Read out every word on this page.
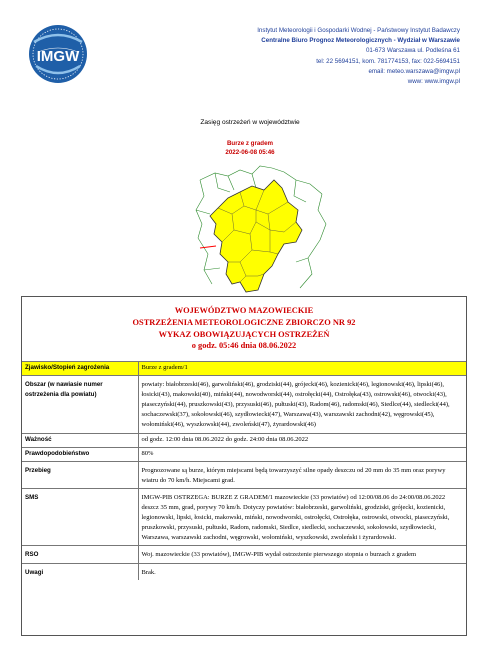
IMGW
Instytut Meteorologii i Gospodarki Wodnej - Państwowy Instytut Badawczy
Centralne Biuro Prognoz Meteorologicznych - Wydział w Warszawie
01-673 Warszawa ul. Podleśna 61
tel: 22 5694151, kom. 781774153, fax: 022-5694151
email: meteo.warszawa@imgw.pl
www: www.imgw.pl
Zasięg ostrzeżeń w województwie
Burze z gradem
2022-06-08 05:46
WOJEWÓDZTWO MAZOWIECKIE
OSTRZEŻENIA METEOROLOGICZNE ZBIORCZO NR 92
WYKAZ OBOWIĄZUJĄCYCH OSTRZEŻEŃ
o godz. 05:46 dnia 08.06.2022
Zjawisko/Stopień zagrożenia	Burze z gradem/1
Obszar (w nawiasie numer ostrzeżenia dla powiatu)	powiaty: białobrzeski(46), garwoliński(46), grodziski(44), grójecki(46), kozienicki(46), legionowski(46), lipski(46), łosicki(43), makowski(40), miński(44), nowodworski(44), ostrołęcki(44), Ostrołęka(43), ostrowski(46), otwocki(43), piaseczyński(44), pruszkowski(43), przysuski(46), pułtuski(43), Radom(46), radomski(46), Siedlce(44), siedlecki(44), sochaczewski(37), sokołowski(46), szydłowiecki(47), Warszawa(43), warszawski zachodni(42), węgrowski(45), wołomiński(46), wyszkowski(44), zwoleński(47), żyrardowski(46)
Ważność	od godz. 12:00 dnia 08.06.2022 do godz. 24:00 dnia 08.06.2022
Prawdopodobieństwo	80%
Przebieg	Prognozowane są burze, którym miejscami będą towarzyszyć silne opady deszczu od 20 mm do 35 mm oraz porywy wiatru do 70 km/h. Miejscami grad.
SMS	IMGW-PIB OSTRZEGA: BURZE Z GRADEM/1 mazowieckie (33 powiatów) od 12:00/08.06 do 24:00/08.06.2022 deszcz 35 mm, grad, porywy 70 km/h. Dotyczy powiatów: białobrzeski, garwoliński, grodziski, grójecki, kozienicki, legionowski, lipski, łosicki, makowski, miński, nowodworski, ostrołęcki, Ostrołęka, ostrowski, otwocki, piaseczyński, pruszkowski, przysuski, pułtuski, Radom, radomski, Siedlce, siedlecki, sochaczewski, sokołowski, szydłowiecki, Warszawa, warszawski zachodni, węgrowski, wołomiński, wyszkowski, zwoleński i żyrardowski.
RSO	Woj. mazowieckie (33 powiatów), IMGW-PIB wydał ostrzeżenie pierwszego stopnia o burzach z gradem
Uwagi	Brak.
